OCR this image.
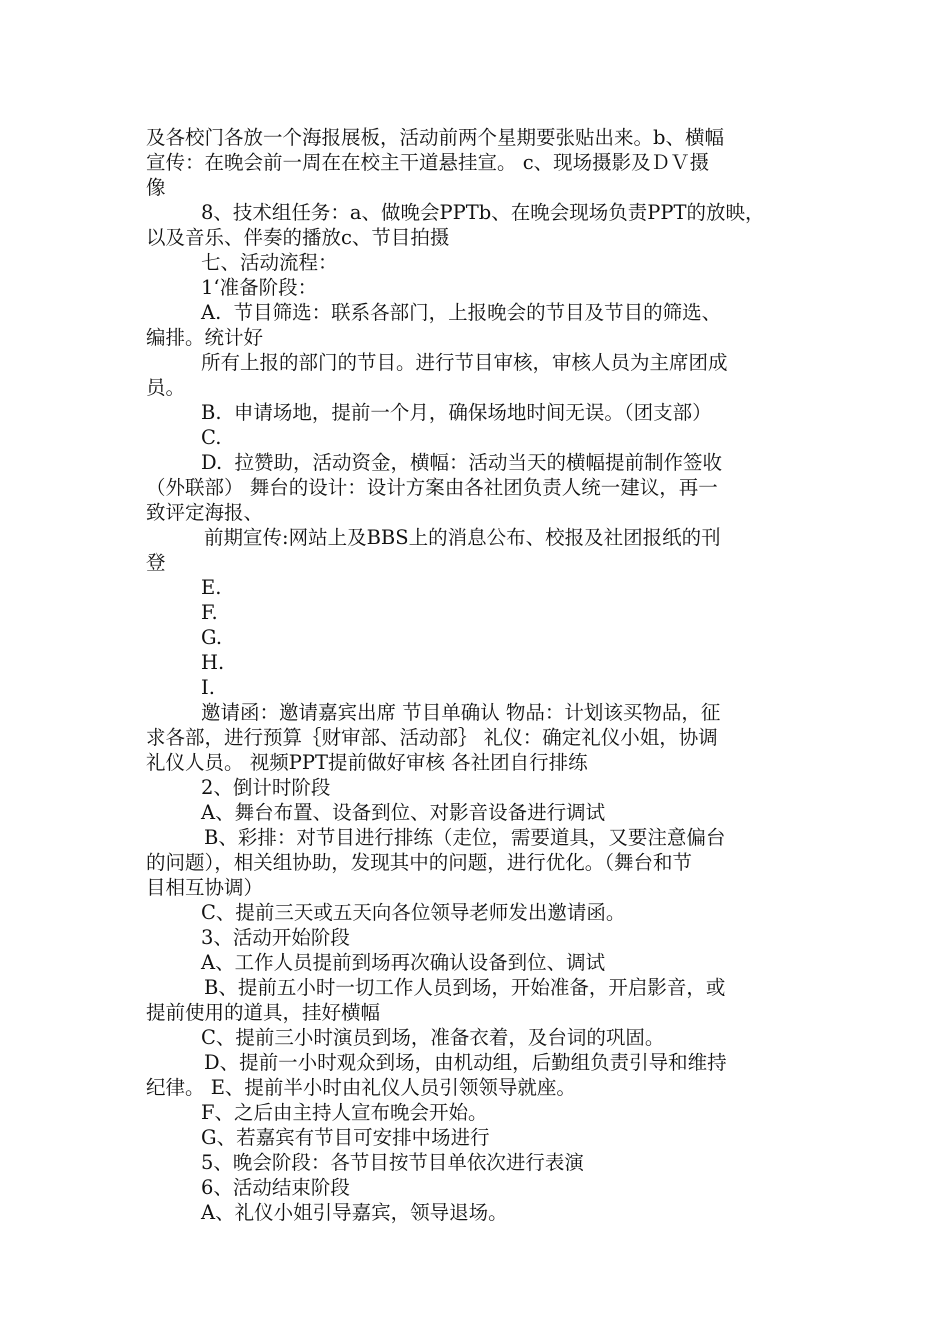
及各校门各放一个海报展板，活动前两个星期要张贴出来。b、横幅
宣传：在晚会前一周在在校主干道悬挂宣。 c、现场摄影及ＤＶ摄
像
8、技术组任务：a、做晚会PPTb、在晚会现场负责PPT的放映，
以及音乐、伴奏的播放c、节目拍摄
七、活动流程：
1‘准备阶段：
A.  节目筛选：联系各部门，上报晚会的节目及节目的筛选、
编排。统计好
所有上报的部门的节目。进行节目审核，审核人员为主席团成
员。
B.  申请场地，提前一个月，确保场地时间无误。（团支部）
C.
D.  拉赞助，活动资金，横幅：活动当天的横幅提前制作签收
（外联部） 舞台的设计：设计方案由各社团负责人统一建议，再一
致评定海报、
前期宣传:网站上及BBS上的消息公布、校报及社团报纸的刊
登
E.
F.
G.
H.
I.
邀请函：邀请嘉宾出席 节目单确认 物品：计划该买物品，征
求各部，进行预算｛财审部、活动部｝ 礼仪：确定礼仪小姐，协调
礼仪人员。 视频PPT提前做好审核 各社团自行排练
2、倒计时阶段
A、舞台布置、设备到位、对影音设备进行调试
B、彩排：对节目进行排练（走位，需要道具，又要注意偏台
的问题），相关组协助，发现其中的问题，进行优化。（舞台和节
目相互协调）
C、提前三天或五天向各位领导老师发出邀请函。
3、活动开始阶段
A、工作人员提前到场再次确认设备到位、调试
B、提前五小时一切工作人员到场，开始准备，开启影音，或
提前使用的道具，挂好横幅
C、提前三小时演员到场，准备衣着，及台词的巩固。
D、提前一小时观众到场，由机动组，后勤组负责引导和维持
纪律。 E、提前半小时由礼仪人员引领领导就座。
F、之后由主持人宣布晚会开始。
G、若嘉宾有节目可安排中场进行
5、晚会阶段：各节目按节目单依次进行表演
6、活动结束阶段
A、礼仪小姐引导嘉宾，领导退场。
